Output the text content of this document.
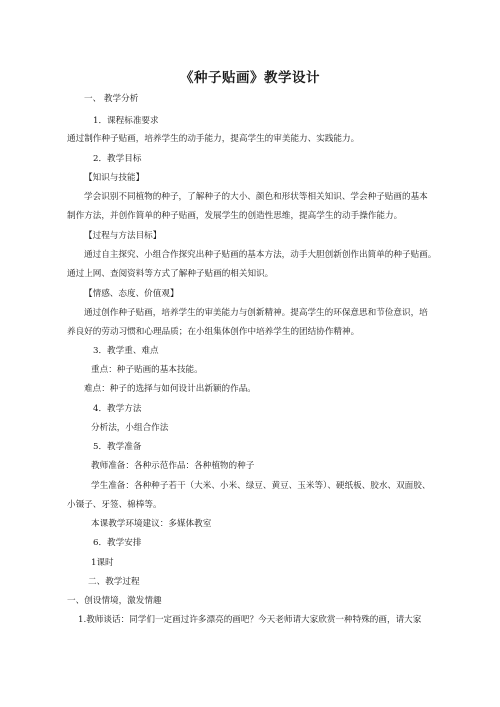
《种子贴画》教学设计
一、 教学分析
1．课程标准要求
通过制作种子贴画，培养学生的动手能力，提高学生的审美能力、实践能力。
2．教学目标
【知识与技能】
学会识别不同植物的种子，了解种子的大小、颜色和形状等相关知识、学会种子贴画的基本
制作方法，并创作简单的种子贴画，发展学生的创造性思维，提高学生的动手操作能力。
【过程与方法目标】
通过自主探究、小组合作探究出种子贴画的基本方法，动手大胆创新创作出简单的种子贴画。
通过上网、查阅资料等方式了解种子贴画的相关知识。
【情感、态度、价值观】
通过创作种子贴画，培养学生的审美能力与创新精神。提高学生的环保意思和节俭意识，培
养良好的劳动习惯和心理品质；在小组集体创作中培养学生的团结协作精神。
3．教学重、难点
重点：种子贴画的基本技能。
难点：种子的选择与如何设计出新颖的作品。
4．教学方法
分析法，小组合作法
5．教学准备
教师准备：各种示范作品：各种植物的种子
学生准备：各种种子若干（大米、小米、绿豆、黄豆、玉米等）、硬纸板、胶水、双面胶、
小镊子、牙签、棉棒等。
本课教学环境建议：多媒体教室
6．教学安排
1课时
二、教学过程
一、创设情境，激发情趣
1.教师谈话：同学们一定画过许多漂亮的画吧？今天老师请大家欣赏一种特殊的画，请大家
